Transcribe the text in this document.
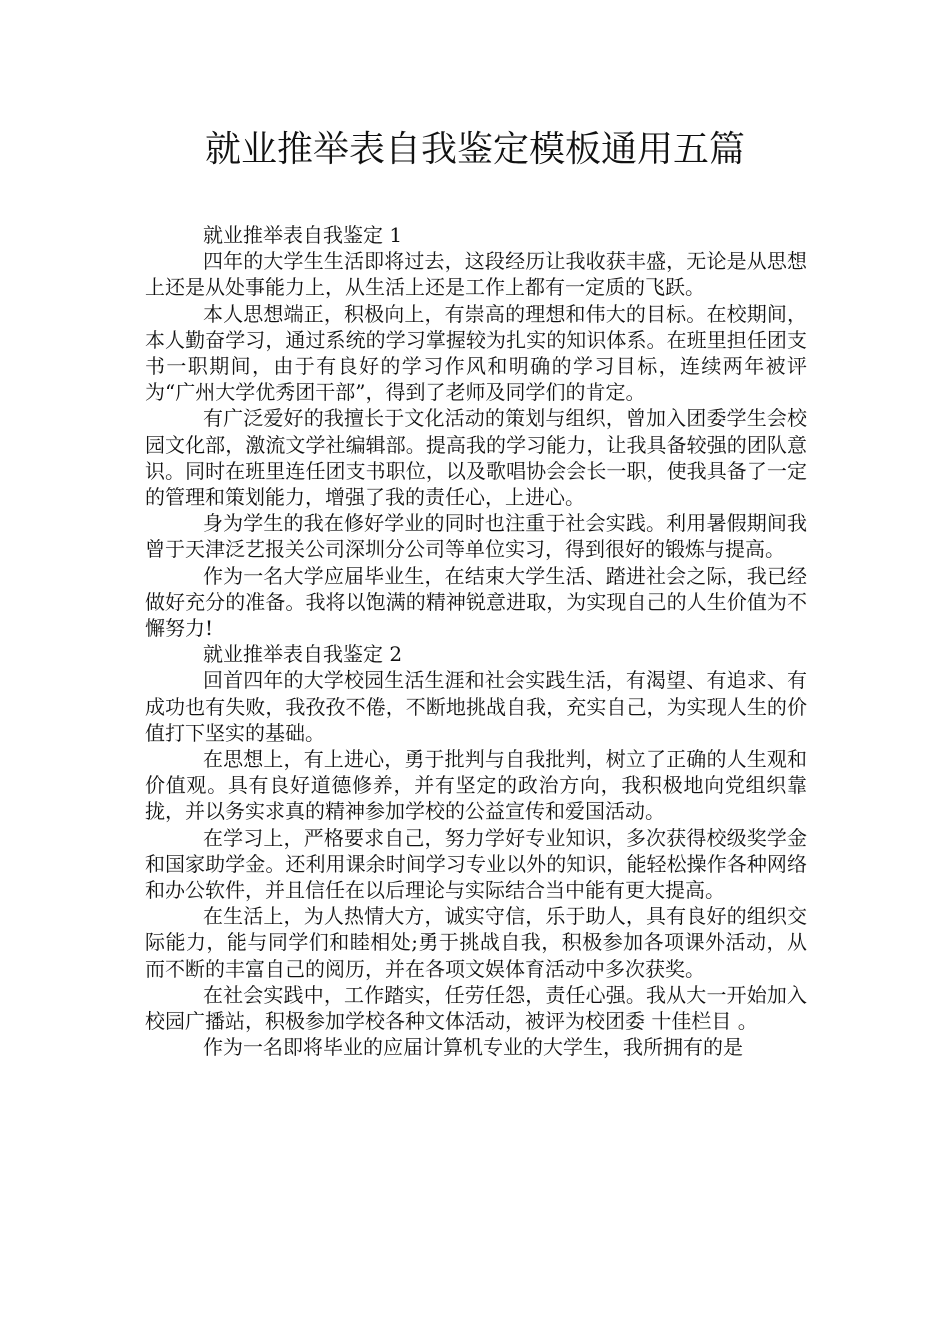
就业推举表自我鉴定模板通用五篇

就业推举表自我鉴定 1

四年的大学生生活即将过去，这段经历让我收获丰盛，无论是从思想上还是从处事能力上，从生活上还是工作上都有一定质的飞跃。

本人思想端正，积极向上，有崇高的理想和伟大的目标。在校期间，本人勤奋学习，通过系统的学习掌握较为扎实的知识体系。在班里担任团支书一职期间，由于有良好的学习作风和明确的学习目标，连续两年被评为“广州大学优秀团干部”，得到了老师及同学们的肯定。

有广泛爱好的我擅长于文化活动的策划与组织，曾加入团委学生会校园文化部，激流文学社编辑部。提高我的学习能力，让我具备较强的团队意识。同时在班里连任团支书职位，以及歌唱协会会长一职，使我具备了一定的管理和策划能力，增强了我的责任心，上进心。

身为学生的我在修好学业的同时也注重于社会实践。利用暑假期间我曾于天津泛艺报关公司深圳分公司等单位实习，得到很好的锻炼与提高。

作为一名大学应届毕业生，在结束大学生活、踏进社会之际，我已经做好充分的准备。我将以饱满的精神锐意进取，为实现自己的人生价值为不懈努力!

就业推举表自我鉴定 2

回首四年的大学校园生活生涯和社会实践生活，有渴望、有追求、有成功也有失败，我孜孜不倦，不断地挑战自我，充实自己，为实现人生的价值打下坚实的基础。

在思想上，有上进心，勇于批判与自我批判，树立了正确的人生观和价值观。具有良好道德修养，并有坚定的政治方向，我积极地向党组织靠拢，并以务实求真的精神参加学校的公益宣传和爱国活动。

在学习上，严格要求自己，努力学好专业知识，多次获得校级奖学金和国家助学金。还利用课余时间学习专业以外的知识，能轻松操作各种网络和办公软件，并且信任在以后理论与实际结合当中能有更大提高。

在生活上，为人热情大方，诚实守信，乐于助人，具有良好的组织交际能力，能与同学们和睦相处;勇于挑战自我，积极参加各项课外活动，从而不断的丰富自己的阅历，并在各项文娱体育活动中多次获奖。

在社会实践中，工作踏实，任劳任怨，责任心强。我从大一开始加入校园广播站，积极参加学校各种文体活动，被评为校团委 十佳栏目 。

作为一名即将毕业的应届计算机专业的大学生，我所拥有的是
